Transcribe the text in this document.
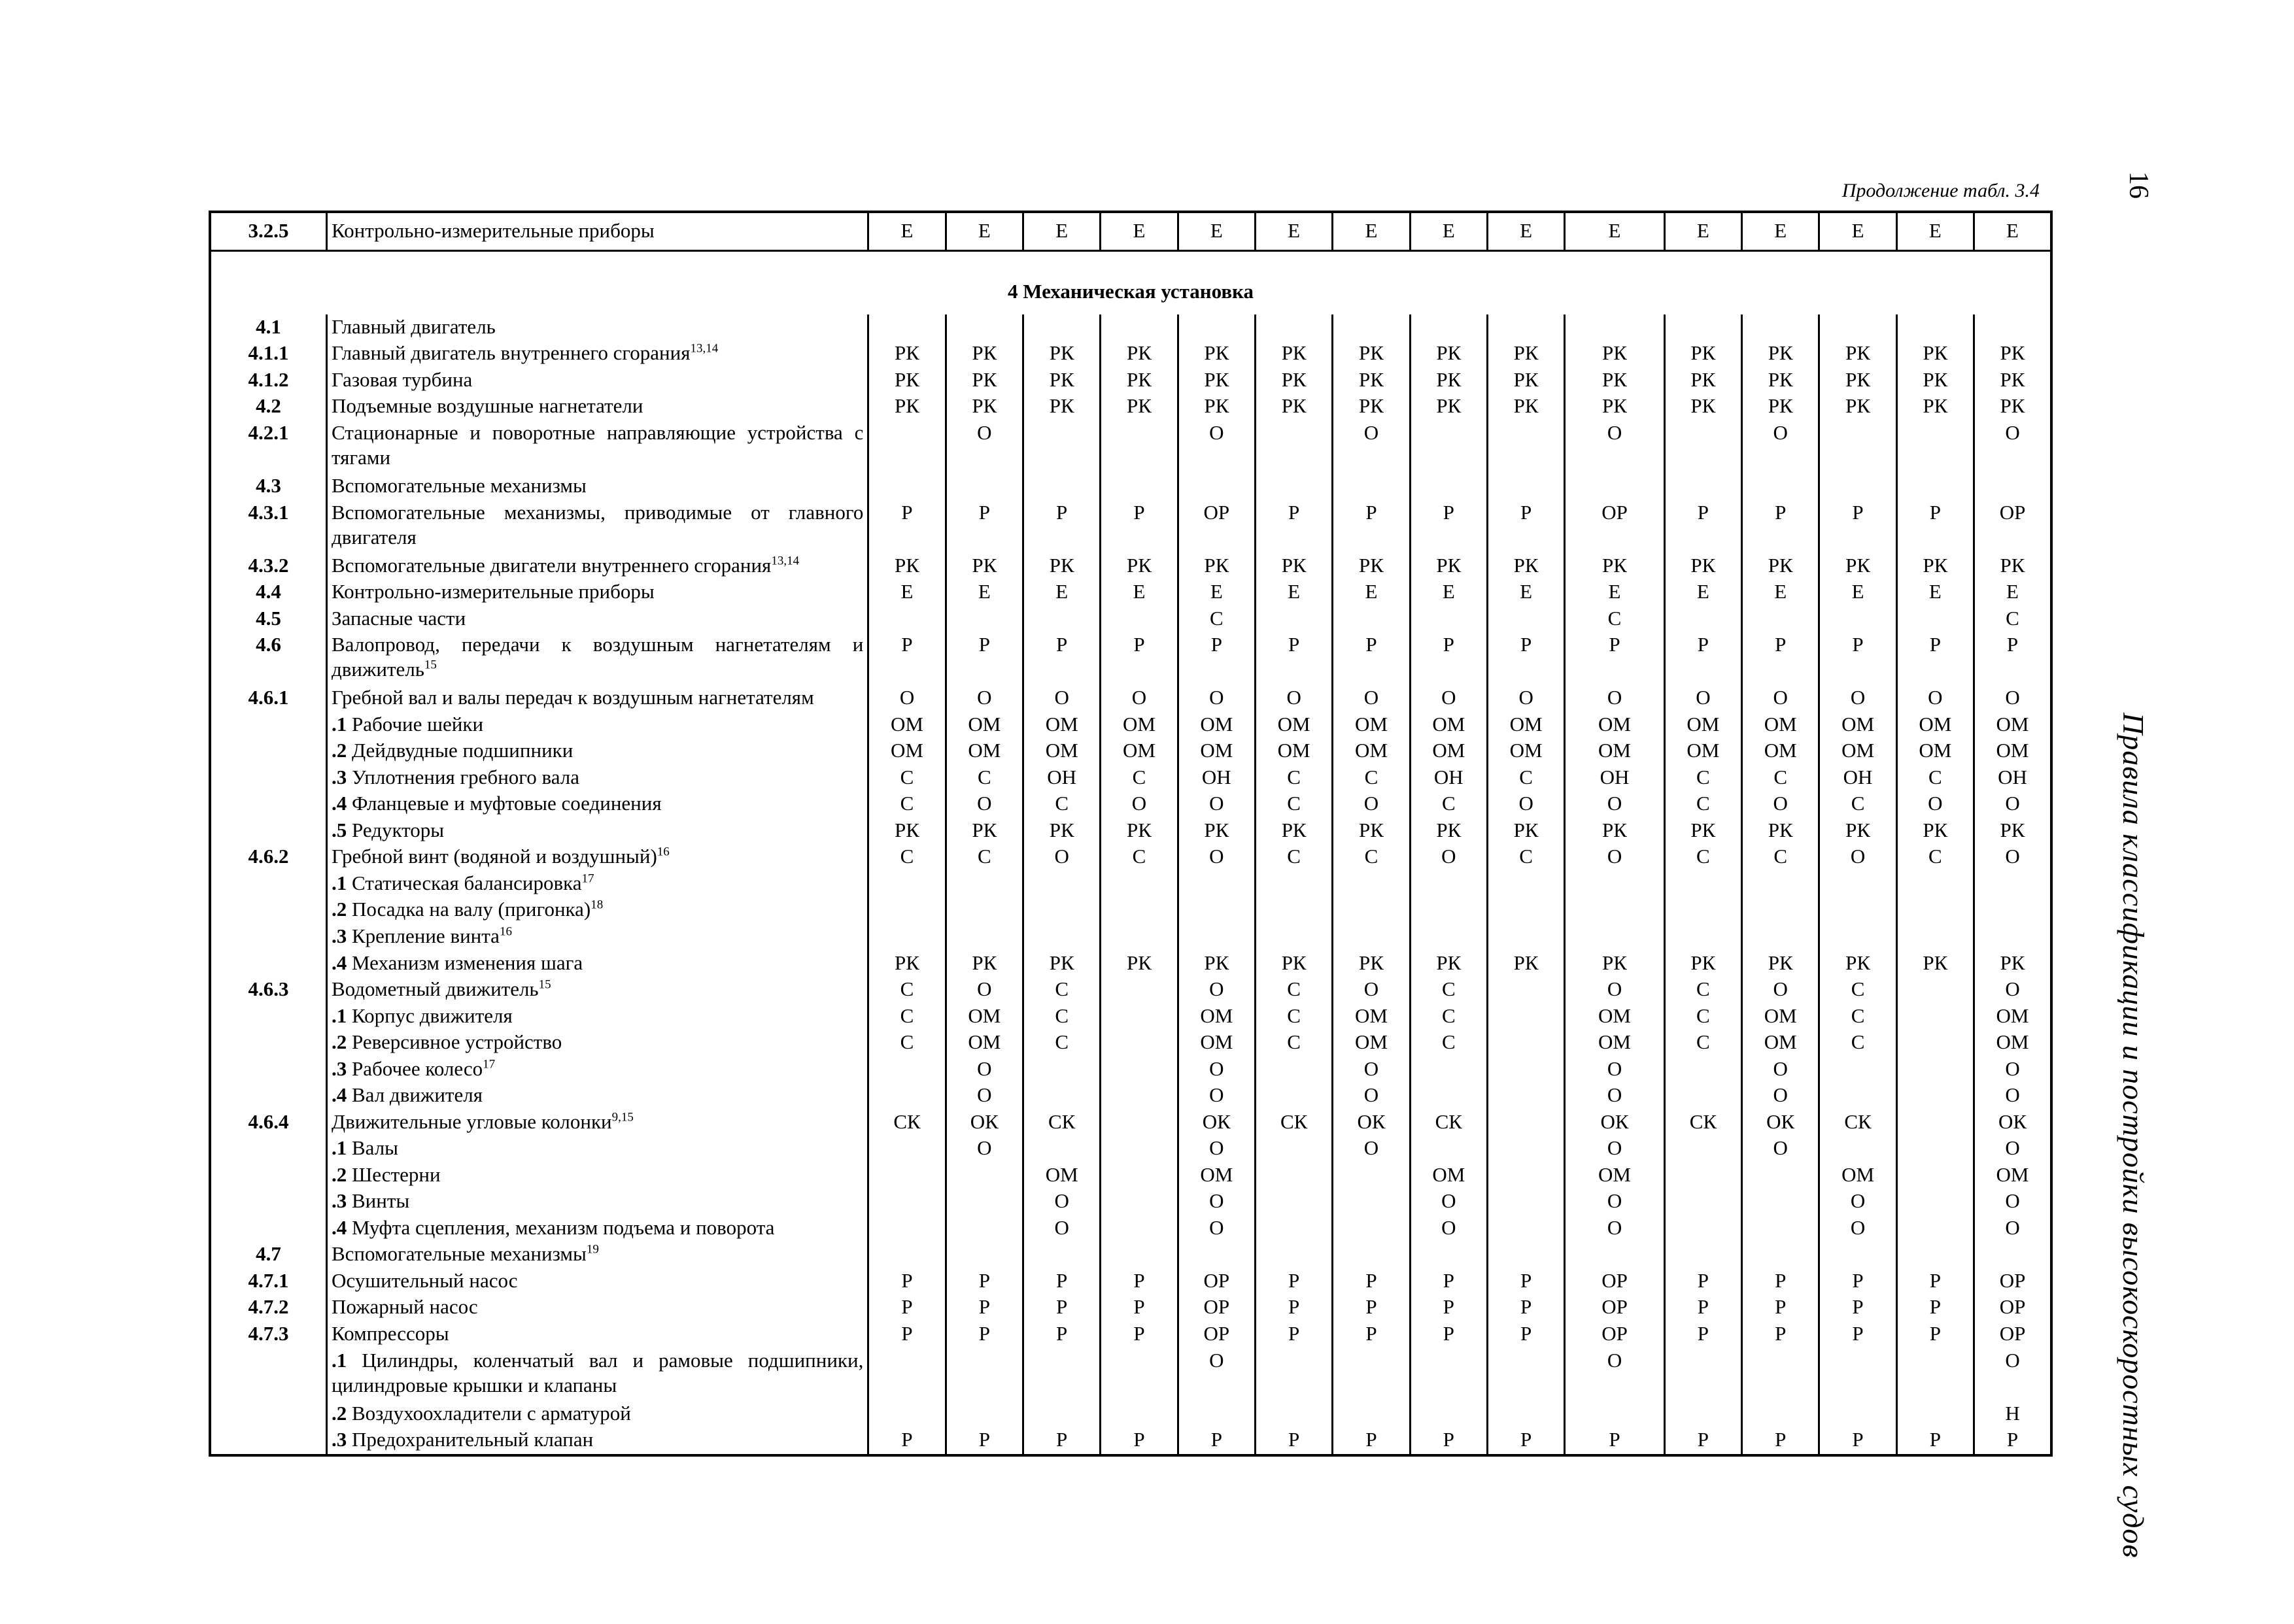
Продолжение табл. 3.4	16
Правила классификации и постройки высокоскоростных судов
3.2.5	Контрольно-измерительные приборы	Е	Е	Е	Е	Е	Е	Е	Е	Е	Е	Е	Е	Е	Е	Е
4 Механическая установка																
4.1	Главный двигатель															
4.1.1	Главный двигатель внутреннего сгорания$^{13,14}$	РК	РК	РК	РК	РК	РК	РК	РК	РК	РК	РК	РК	РК	РК	РК
4.1.2	Газовая турбина	РК	РК	РК	РК	РК	РК	РК	РК	РК	РК	РК	РК	РК	РК	РК
4.2	Подъемные воздушные нагнетатели	РК	РК	РК	РК	РК	РК	РК	РК	РК	РК	РК	РК	РК	РК	РК
4.2.1	Стационарные и поворотные направляющие устройства с тягами		О			О		О			О		О			О
4.3	Вспомогательные механизмы															
4.3.1	Вспомогательные механизмы, приводимые от главного двигателя	Р	Р	Р	Р	ОР	Р	Р	Р	Р	ОР	Р	Р	Р	Р	ОР
4.3.2	Вспомогательные двигатели внутреннего сгорания$^{13,14}$	РК	РК	РК	РК	РК	РК	РК	РК	РК	РК	РК	РК	РК	РК	РК
4.4	Контрольно-измерительные приборы	Е	Е	Е	Е	Е	Е	Е	Е	Е	Е	Е	Е	Е	Е	Е
4.5	Запасные части					С					С					С
4.6	Валопровод, передачи к воздушным нагнетателям и движитель$^{15}$	Р	Р	Р	Р	Р	Р	Р	Р	Р	Р	Р	Р	Р	Р	Р
4.6.1	Гребной вал и валы передач к воздушным нагнетателям	О	О	О	О	О	О	О	О	О	О	О	О	О	О	О
	.1 Рабочие шейки	ОМ	ОМ	ОМ	ОМ	ОМ	ОМ	ОМ	ОМ	ОМ	ОМ	ОМ	ОМ	ОМ	ОМ	ОМ
	.2 Дейдвудные подшипники	ОМ	ОМ	ОМ	ОМ	ОМ	ОМ	ОМ	ОМ	ОМ	ОМ	ОМ	ОМ	ОМ	ОМ	ОМ
	.3 Уплотнения гребного вала	С	С	ОН	С	ОН	С	С	ОН	С	ОН	С	С	ОН	С	ОН
	.4 Фланцевые и муфтовые соединения	С	О	С	О	О	С	О	С	О	О	С	О	С	О	О
	.5 Редукторы	РК	РК	РК	РК	РК	РК	РК	РК	РК	РК	РК	РК	РК	РК	РК
4.6.2	Гребной винт (водяной и воздушный)$^{16}$	С	С	О	С	О	С	С	О	С	О	С	С	О	С	О
	.1 Статическая балансировка$^{17}$															
	.2 Посадка на валу (пригонка)$^{18}$															
	.3 Крепление винта$^{16}$															
	.4 Механизм изменения шага	РК	РК	РК	РК	РК	РК	РК	РК	РК	РК	РК	РК	РК	РК	РК
4.6.3	Водометный движитель$^{15}$	С	О	С		О	С	О	С		О	С	О	С		О
	.1 Корпус движителя	С	ОМ	С		ОМ	С	ОМ	С		ОМ	С	ОМ	С		ОМ
	.2 Реверсивное устройство	С	ОМ	С		ОМ	С	ОМ	С		ОМ	С	ОМ	С		ОМ
	.3 Рабочее колесо$^{17}$		О			О		О			О		О			О
	.4 Вал движителя		О			О		О			О		О			О
4.6.4	Движительные угловые колонки$^{9,15}$	СК	ОК	СК		ОК	СК	ОК	СК		ОК	СК	ОК	СК		ОК
	.1 Валы		О			О		О			О		О			О
	.2 Шестерни			ОМ		ОМ			ОМ		ОМ			ОМ		ОМ
	.3 Винты			О		О			О		О			О		О
	.4 Муфта сцепления, механизм подъема и поворота			О		О			О		О			О		О
4.7	Вспомогательные механизмы$^{19}$															
4.7.1	Осушительный насос	Р	Р	Р	Р	ОР	Р	Р	Р	Р	ОР	Р	Р	Р	Р	ОР
4.7.2	Пожарный насос	Р	Р	Р	Р	ОР	Р	Р	Р	Р	ОР	Р	Р	Р	Р	ОР
4.7.3	Компрессоры	Р	Р	Р	Р	ОР	Р	Р	Р	Р	ОР	Р	Р	Р	Р	ОР
	.1 Цилиндры, коленчатый вал и рамовые подшипники, цилиндровые крышки и клапаны					О					О					О
	.2 Воздухоохладители с арматурой															Н
	.3 Предохранительный клапан	Р	Р	Р	Р	Р	Р	Р	Р	Р	Р	Р	Р	Р	Р	Р
